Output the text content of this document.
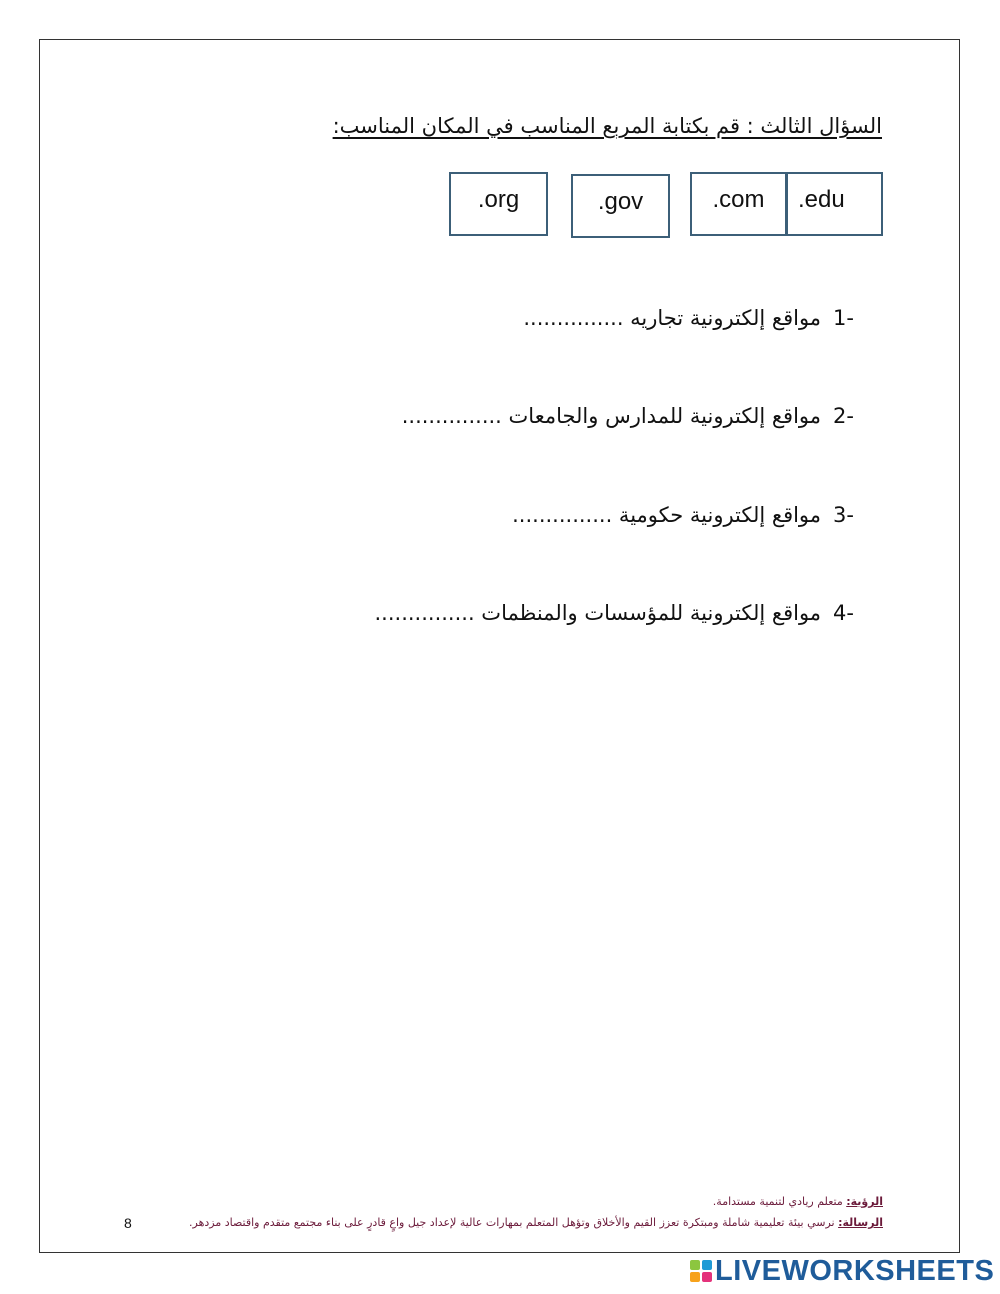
السؤال الثالث : قم بكتابة المربع المناسب في المكان المناسب:
.org	.gov	.com	.edu
-1مواقع إلكترونية تجاريه ...............
-2مواقع إلكترونية للمدارس والجامعات ...............
-3مواقع إلكترونية حكومية ...............
-4مواقع إلكترونية للمؤسسات والمنظمات ...............
الرؤية: متعلم ريادي لتنمية مستدامة.
الرسالة: نرسي بيئة تعليمية شاملة ومبتكرة تعزز القيم والأخلاق وتؤهل المتعلم بمهارات عالية لإعداد جيل واعٍ قادرٍ على بناء مجتمع متقدم واقتصاد مزدهر.
8
LIVEWORKSHEETS
